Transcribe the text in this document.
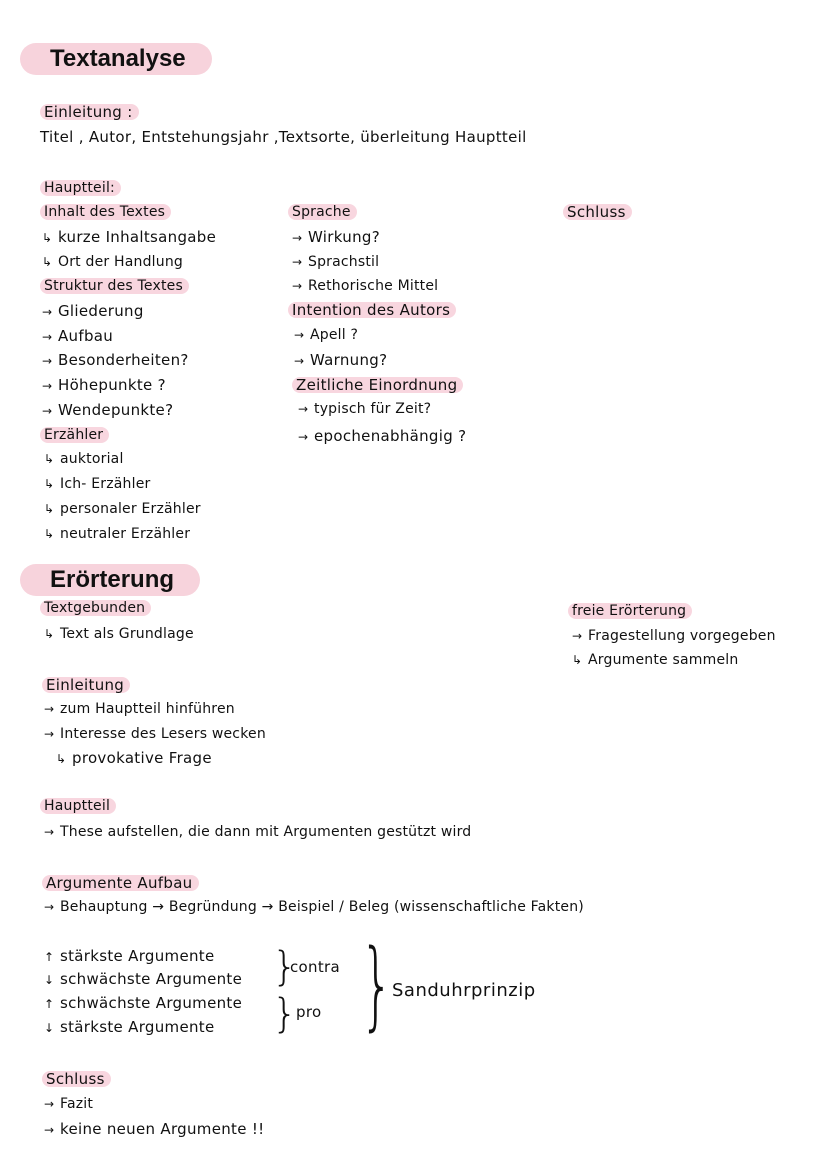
Textanalyse
Einleitung :
Titel , Autor, Entstehungsjahr ,Textsorte, überleitung Hauptteil
Hauptteil:
Inhalt des Textes
↳ kurze Inhaltsangabe
↳ Ort der Handlung
Struktur des Textes
→ Gliederung
→ Aufbau
→ Besonderheiten?
→ Höhepunkte ?
→ Wendepunkte?
Erzähler
↳ auktorial
↳ Ich- Erzähler
↳ personaler Erzähler
↳ neutraler Erzähler
Sprache
→ Wirkung?
→ Sprachstil
→ Rethorische Mittel
Intention des Autors
→ Apell ?
→ Warnung?
Zeitliche Einordnung
→ typisch für Zeit?
→ epochenabhängig ?
Schluss
Erörterung
Textgebunden
↳ Text als Grundlage
freie Erörterung
→ Fragestellung vorgegeben
↳ Argumente sammeln
Einleitung
→ zum Hauptteil hinführen
→ Interesse des Lesers wecken
↳ provokative Frage
Hauptteil
→ These aufstellen, die dann mit Argumenten gestützt wird
Argumente Aufbau
→ Behauptung → Begründung → Beispiel / Beleg (wissenschaftliche Fakten)
↑ stärkste Argumente
↓ schwächste Argumente
↑ schwächste Argumente
↓ stärkste Argumente
}
contra
}
pro }
Sanduhrprinzip
Schluss
→ Fazit
→ keine neuen Argumente !!
